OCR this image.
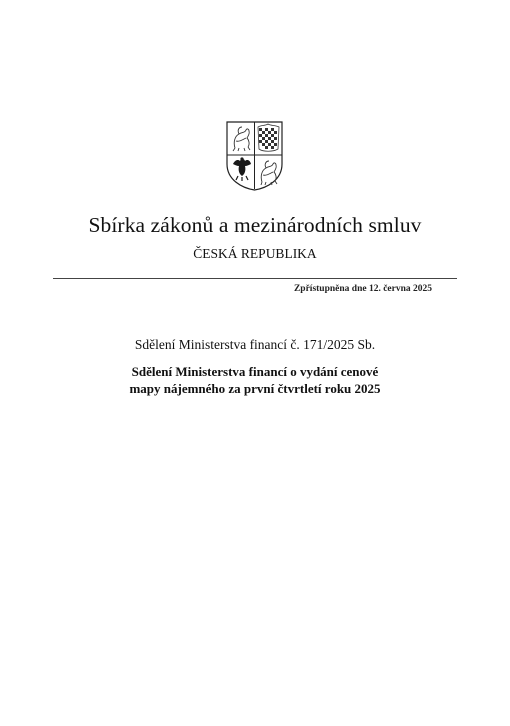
Sbírka zákonů a mezinárodních smluv
ČESKÁ REPUBLIKA
Zpřístupněna dne 12. června 2025
Sdělení Ministerstva financí č. 171/2025 Sb.
Sdělení Ministerstva financí o vydání cenové
mapy nájemného za první čtvrtletí roku 2025
